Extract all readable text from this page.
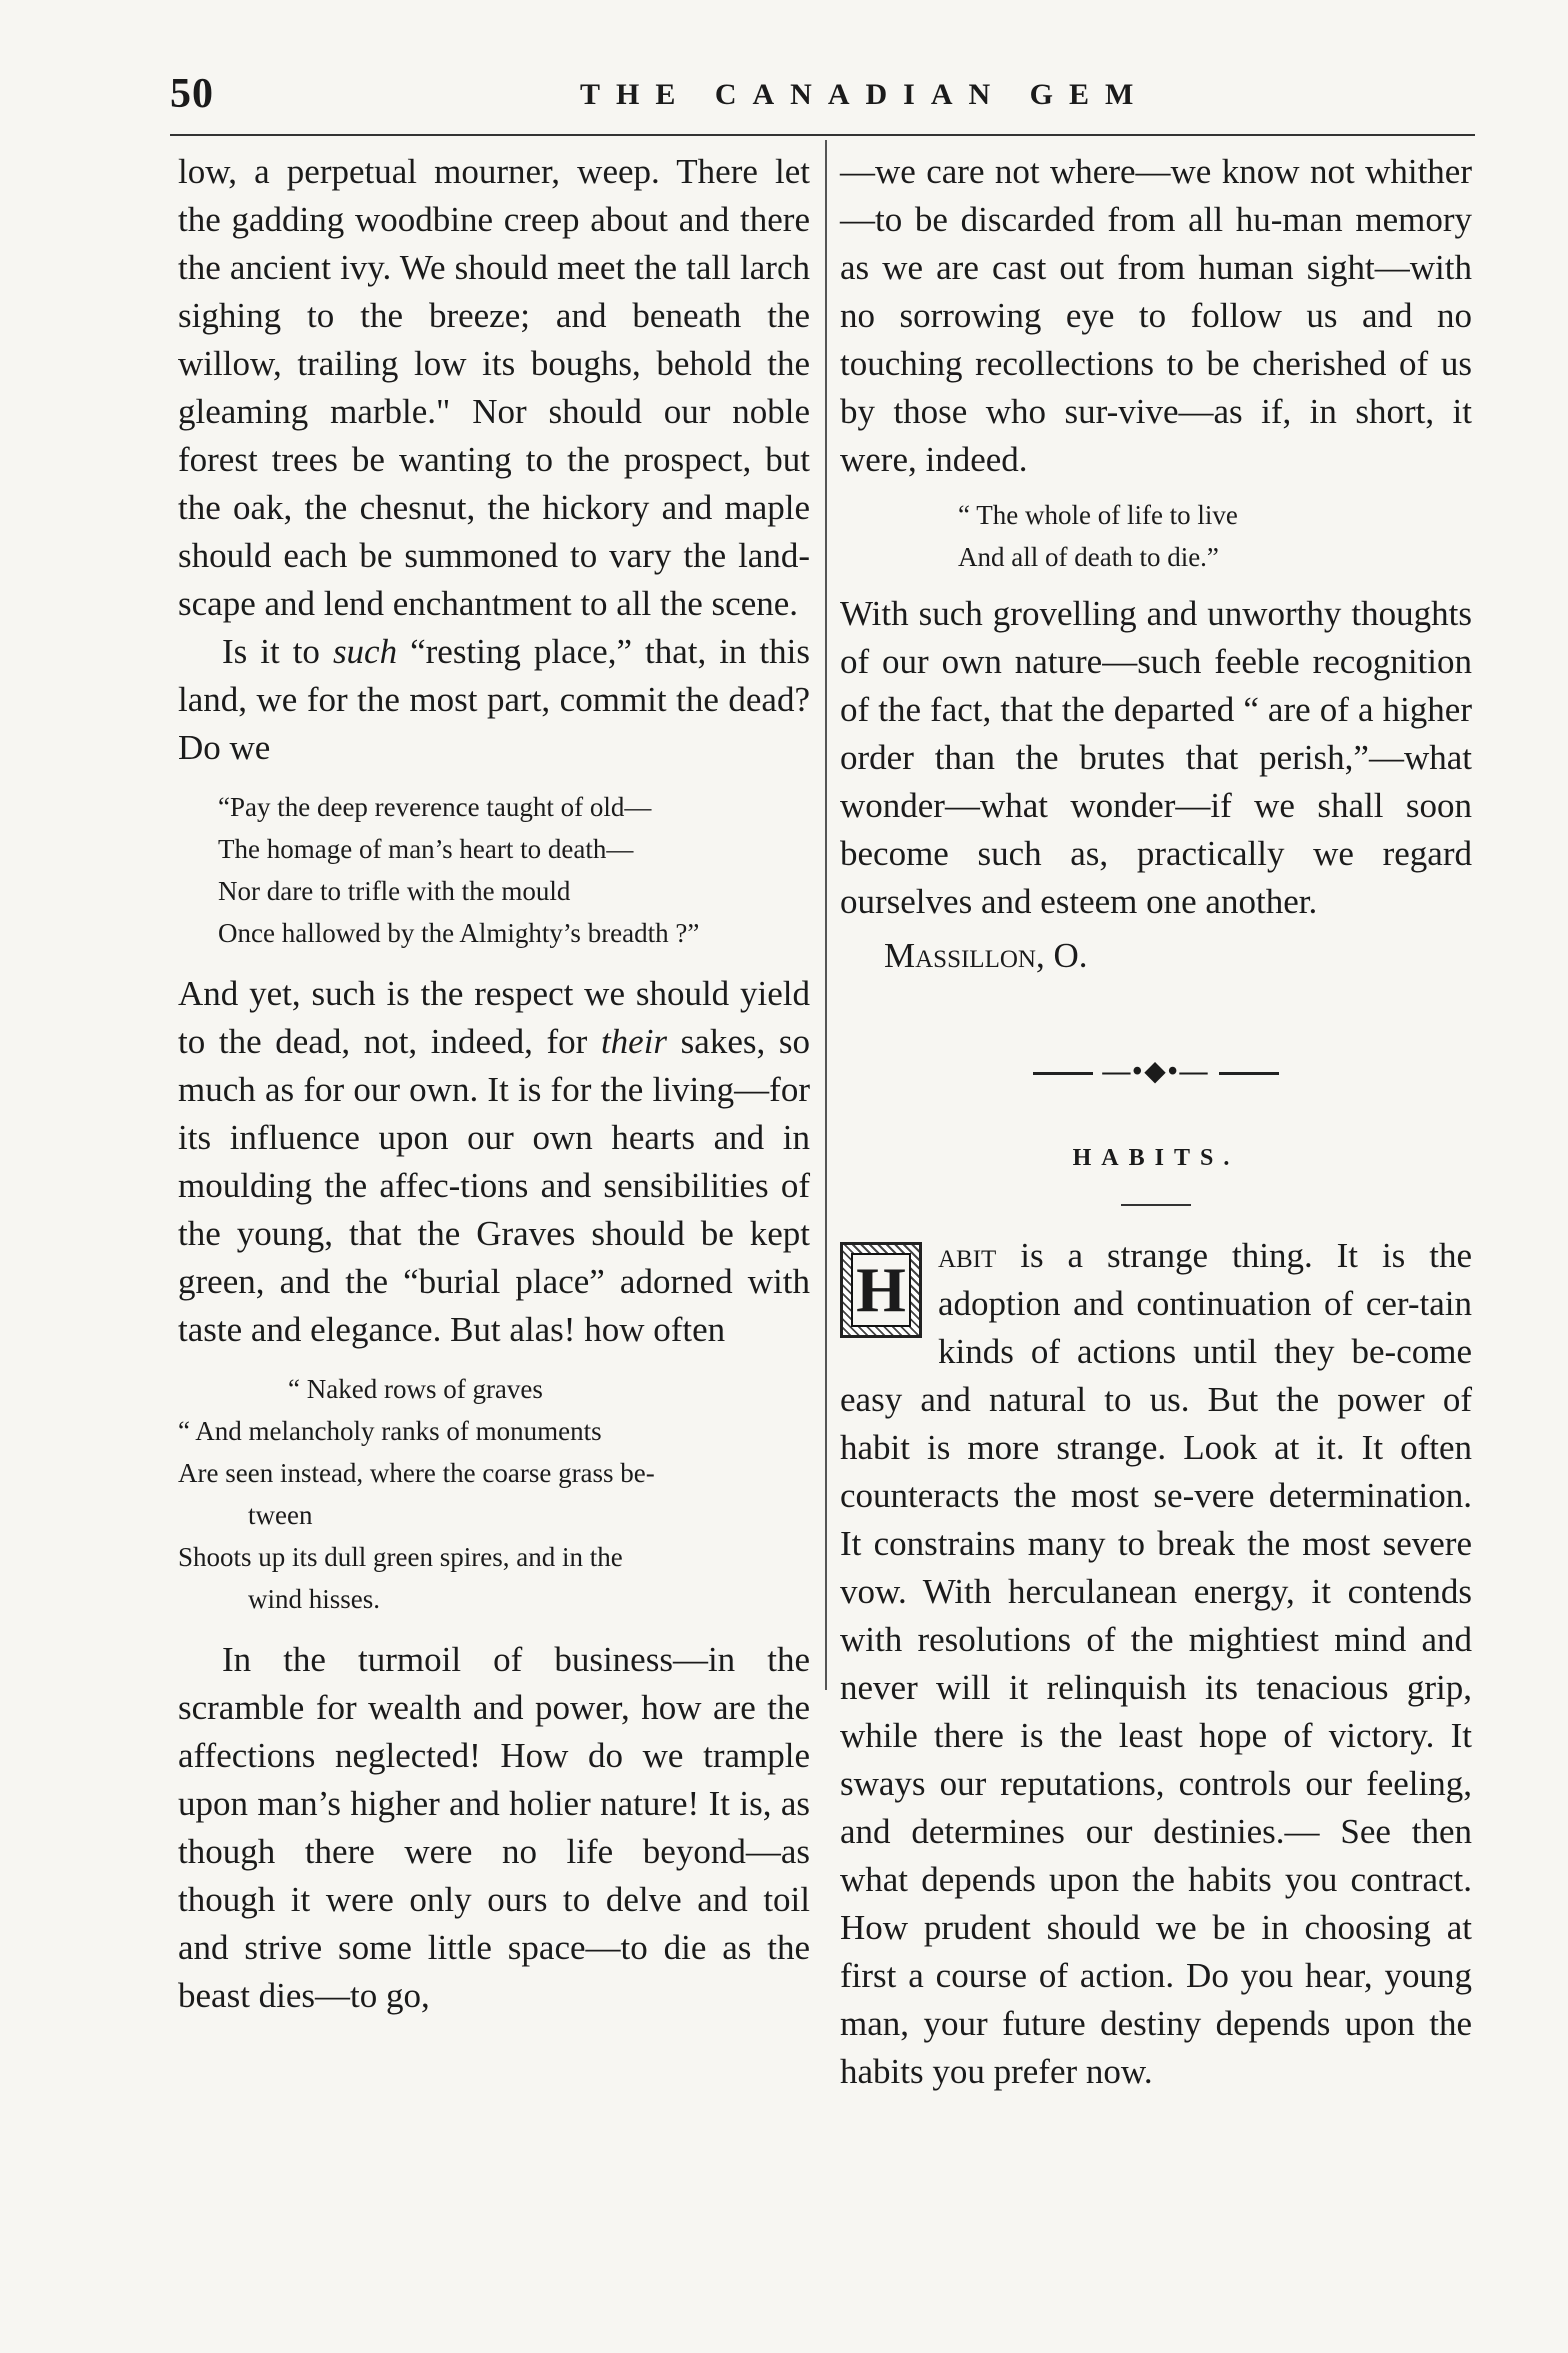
50	THE CANADIAN GEM

low, a perpetual mourner, weep. There let the gadding woodbine creep about and there the ancient ivy. We should meet the tall larch sighing to the breeze; and beneath the willow, trailing low its boughs, behold the gleaming marble." Nor should our noble forest trees be wanting to the prospect, but the oak, the chesnut, the hickory and maple should each be summoned to vary the land-scape and lend enchantment to all the scene.

Is it to such “resting place,” that, in this land, we for the most part, commit the dead? Do we

“Pay the deep reverence taught of old—
The homage of man’s heart to death—
Nor dare to trifle with the mould
Once hallowed by the Almighty’s breadth ?”

And yet, such is the respect we should yield to the dead, not, indeed, for their sakes, so much as for our own. It is for the living—for its influence upon our own hearts and in moulding the affec-tions and sensibilities of the young, that the Graves should be kept green, and the “burial place” adorned with taste and elegance. But alas! how often

“ Naked rows of graves
“ And melancholy ranks of monuments
Are seen instead, where the coarse grass be-
tween
Shoots up its dull green spires, and in the
wind hisses.

In the turmoil of business—in the scramble for wealth and power, how are the affections neglected! How do we trample upon man’s higher and holier nature! It is, as though there were no life beyond—as though it were only ours to delve and toil and strive some little space—to die as the beast dies—to go,

—we care not where—we know not whither—to be discarded from all hu-man memory as we are cast out from human sight—with no sorrowing eye to follow us and no touching recollections to be cherished of us by those who sur-vive—as if, in short, it were, indeed.

“ The whole of life to live
And all of death to die.”

With such grovelling and unworthy thoughts of our own nature—such feeble recognition of the fact, that the departed “ are of a higher order than the brutes that perish,”—what wonder—what wonder—if we shall soon become such as, practically we regard ourselves and esteem one another.

Massillon, O.

—•◆•—
HABITS.
H abit is a strange thing. It is the adoption and continuation of cer-tain kinds of actions until they be-come easy and natural to us. But the power of habit is more strange. Look at it. It often counteracts the most se-vere determination. It constrains many to break the most severe vow. With herculanean energy, it contends with resolutions of the mightiest mind and never will it relinquish its tenacious grip, while there is the least hope of victory. It sways our reputations, controls our feeling, and determines our destinies.— See then what depends upon the habits you contract. How prudent should we be in choosing at first a course of action. Do you hear, young man, your future destiny depends upon the habits you prefer now.
